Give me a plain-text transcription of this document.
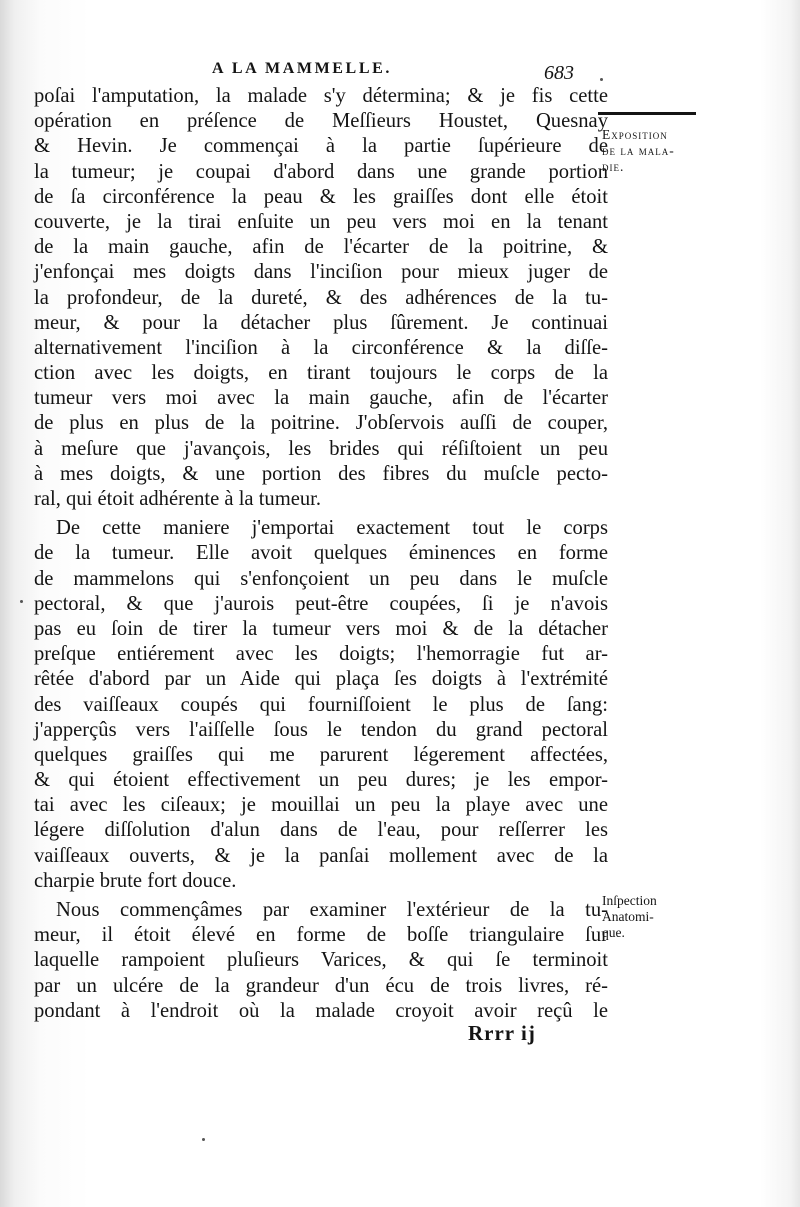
A LA MAMMELLE.	683
Exposition
de la mala-
die.
Inſpection
Anatomi-
que.
poſai l'amputation, la malade s'y détermina; & je fis cette
opération en préſence de Meſſieurs Houstet, Quesnay
& Hevin. Je commençai à la partie ſupérieure de
la tumeur; je coupai d'abord dans une grande portion
de ſa circonférence la peau & les graiſſes dont elle étoit
couverte, je la tirai enſuite un peu vers moi en la tenant
de la main gauche, afin de l'écarter de la poitrine, &
j'enfonçai mes doigts dans l'inciſion pour mieux juger de
la profondeur, de la dureté, & des adhérences de la tu-
meur, & pour la détacher plus ſûrement. Je continuai
alternativement l'inciſion à la circonférence & la diſſe-
ction avec les doigts, en tirant toujours le corps de la
tumeur vers moi avec la main gauche, afin de l'écarter
de plus en plus de la poitrine. J'obſervois auſſi de couper,
à meſure que j'avançois, les brides qui réſiſtoient un peu
à mes doigts, & une portion des fibres du muſcle pecto-
ral, qui étoit adhérente à la tumeur.
De cette maniere j'emportai exactement tout le corps
de la tumeur. Elle avoit quelques éminences en forme
de mammelons qui s'enfonçoient un peu dans le muſcle
pectoral, & que j'aurois peut-être coupées, ſi je n'avois
pas eu ſoin de tirer la tumeur vers moi & de la détacher
preſque entiérement avec les doigts; l'hemorragie fut ar-
rêtée d'abord par un Aide qui plaça ſes doigts à l'extrémité
des vaiſſeaux coupés qui fourniſſoient le plus de ſang:
j'apperçûs vers l'aiſſelle ſous le tendon du grand pectoral
quelques graiſſes qui me parurent légerement affectées,
& qui étoient effectivement un peu dures; je les empor-
tai avec les ciſeaux; je mouillai un peu la playe avec une
légere diſſolution d'alun dans de l'eau, pour reſſerrer les
vaiſſeaux ouverts, & je la panſai mollement avec de la
charpie brute fort douce.
Nous commençâmes par examiner l'extérieur de la tu-
meur, il étoit élevé en forme de boſſe triangulaire ſur
laquelle rampoient pluſieurs Varices, & qui ſe terminoit
par un ulcére de la grandeur d'un écu de trois livres, ré-
pondant à l'endroit où la malade croyoit avoir reçû le
Rrrr ij
